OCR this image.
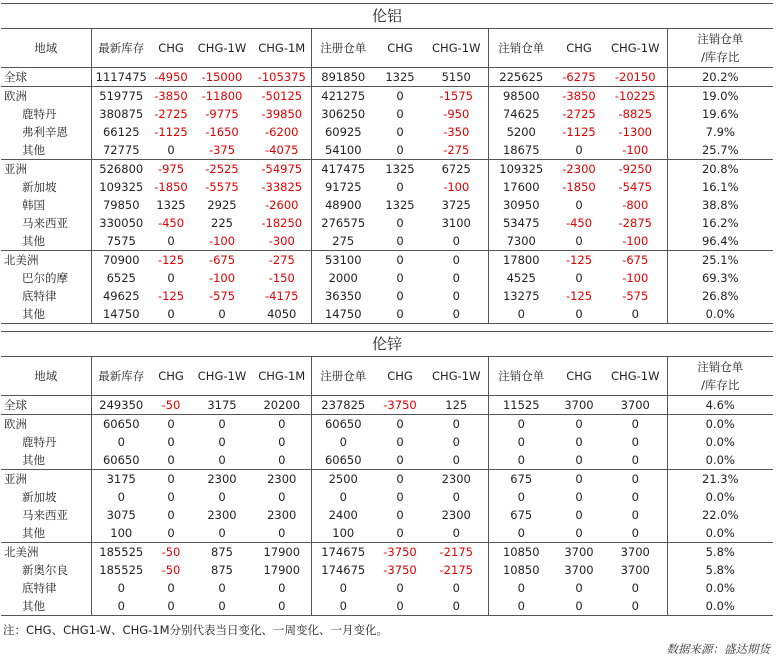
伦铝											
地域	最新库存	CHG	CHG-1W	CHG-1M	注册仓单	CHG	CHG-1W	注销仓单	CHG	CHG-1W	注销仓单
/库存比
全球	1117475	-4950	-15000	-105375	891850	1325	5150	225625	-6275	-20150	20.2%
欧洲	519775	-3850	-11800	-50125	421275	0	-1575	98500	-3850	-10225	19.0%
鹿特丹	380875	-2725	-9775	-39850	306250	0	-950	74625	-2725	-8825	19.6%
弗利辛恩	66125	-1125	-1650	-6200	60925	0	-350	5200	-1125	-1300	7.9%
其他	72775	0	-375	-4075	54100	0	-275	18675	0	-100	25.7%
亚洲	526800	-975	-2525	-54975	417475	1325	6725	109325	-2300	-9250	20.8%
新加坡	109325	-1850	-5575	-33825	91725	0	-100	17600	-1850	-5475	16.1%
韩国	79850	1325	2925	-2600	48900	1325	3725	30950	0	-800	38.8%
马来西亚	330050	-450	225	-18250	276575	0	3100	53475	-450	-2875	16.2%
其他	7575	0	-100	-300	275	0	0	7300	0	-100	96.4%
北美洲	70900	-125	-675	-275	53100	0	0	17800	-125	-675	25.1%
巴尔的摩	6525	0	-100	-150	2000	0	0	4525	0	-100	69.3%
底特律	49625	-125	-575	-4175	36350	0	0	13275	-125	-575	26.8%
其他	14750	0	0	4050	14750	0	0	0	0	0	0.0%
伦锌											
地域	最新库存	CHG	CHG-1W	CHG-1M	注册仓单	CHG	CHG-1W	注销仓单	CHG	CHG-1W	注销仓单
/库存比
全球	249350	-50	3175	20200	237825	-3750	125	11525	3700	3700	4.6%
欧洲	60650	0	0	0	60650	0	0	0	0	0	0.0%
鹿特丹	0	0	0	0	0	0	0	0	0	0	0.0%
其他	60650	0	0	0	60650	0	0	0	0	0	0.0%
亚洲	3175	0	2300	2300	2500	0	2300	675	0	0	21.3%
新加坡	0	0	0	0	0	0	0	0	0	0	0.0%
马来西亚	3075	0	2300	2300	2400	0	2300	675	0	0	22.0%
其他	100	0	0	0	100	0	0	0	0	0	0.0%
北美洲	185525	-50	875	17900	174675	-3750	-2175	10850	3700	3700	5.8%
新奥尔良	185525	-50	875	17900	174675	-3750	-2175	10850	3700	3700	5.8%
底特律	0	0	0	0	0	0	0	0	0	0	0.0%
其他	0	0	0	0	0	0	0	0	0	0	0.0%
注：CHG、CHG1-W、CHG-1M分别代表当日变化、一周变化、一月变化。
数据来源：盛达期货
